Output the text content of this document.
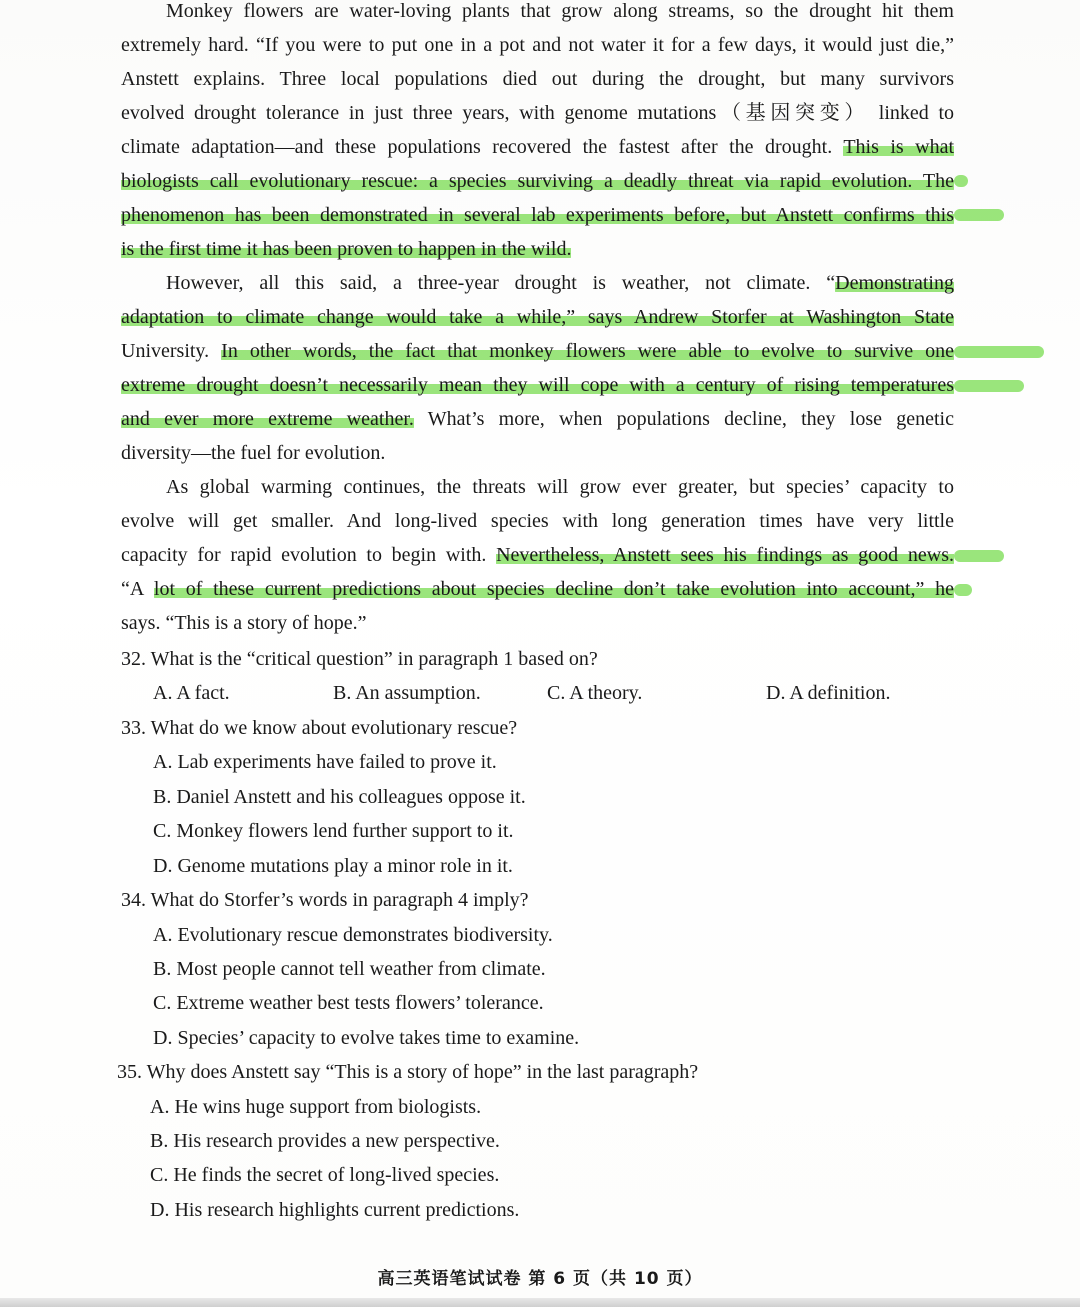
Monkey flowers are water-loving plants that grow along streams, so the drought hit them
extremely hard. “If you were to put one in a pot and not water it for a few days, it would just die,”
Anstett explains. Three local populations died out during the drought, but many survivors
evolved drought tolerance in just three years, with genome mutations（基因突变） linked to
climate adaptation—and these populations recovered the fastest after the drought. This is what
biologists call evolutionary rescue: a species surviving a deadly threat via rapid evolution. The
phenomenon has been demonstrated in several lab experiments before, but Anstett confirms this
is the first time it has been proven to happen in the wild.
However, all this said, a three-year drought is weather, not climate. “Demonstrating
adaptation to climate change would take a while,” says Andrew Storfer at Washington State
University. In other words, the fact that monkey flowers were able to evolve to survive one
extreme drought doesn’t necessarily mean they will cope with a century of rising temperatures
and ever more extreme weather. What’s more, when populations decline, they lose genetic
diversity—the fuel for evolution.
As global warming continues, the threats will grow ever greater, but species’ capacity to
evolve will get smaller. And long-lived species with long generation times have very little
capacity for rapid evolution to begin with. Nevertheless, Anstett sees his findings as good news.
“A lot of these current predictions about species decline don’t take evolution into account,” he
says. “This is a story of hope.”
32. What is the “critical question” in paragraph 1 based on?
A. A fact.	B. An assumption.	C. A theory.	D. A definition.
33. What do we know about evolutionary rescue?
A. Lab experiments have failed to prove it.
B. Daniel Anstett and his colleagues oppose it.
C. Monkey flowers lend further support to it.
D. Genome mutations play a minor role in it.
34. What do Storfer’s words in paragraph 4 imply?
A. Evolutionary rescue demonstrates biodiversity.
B. Most people cannot tell weather from climate.
C. Extreme weather best tests flowers’ tolerance.
D. Species’ capacity to evolve takes time to examine.
35. Why does Anstett say “This is a story of hope” in the last paragraph?
A. He wins huge support from biologists.
B. His research provides a new perspective.
C. He finds the secret of long-lived species.
D. His research highlights current predictions.
高三英语笔试试卷 第 6 页（共 10 页）
